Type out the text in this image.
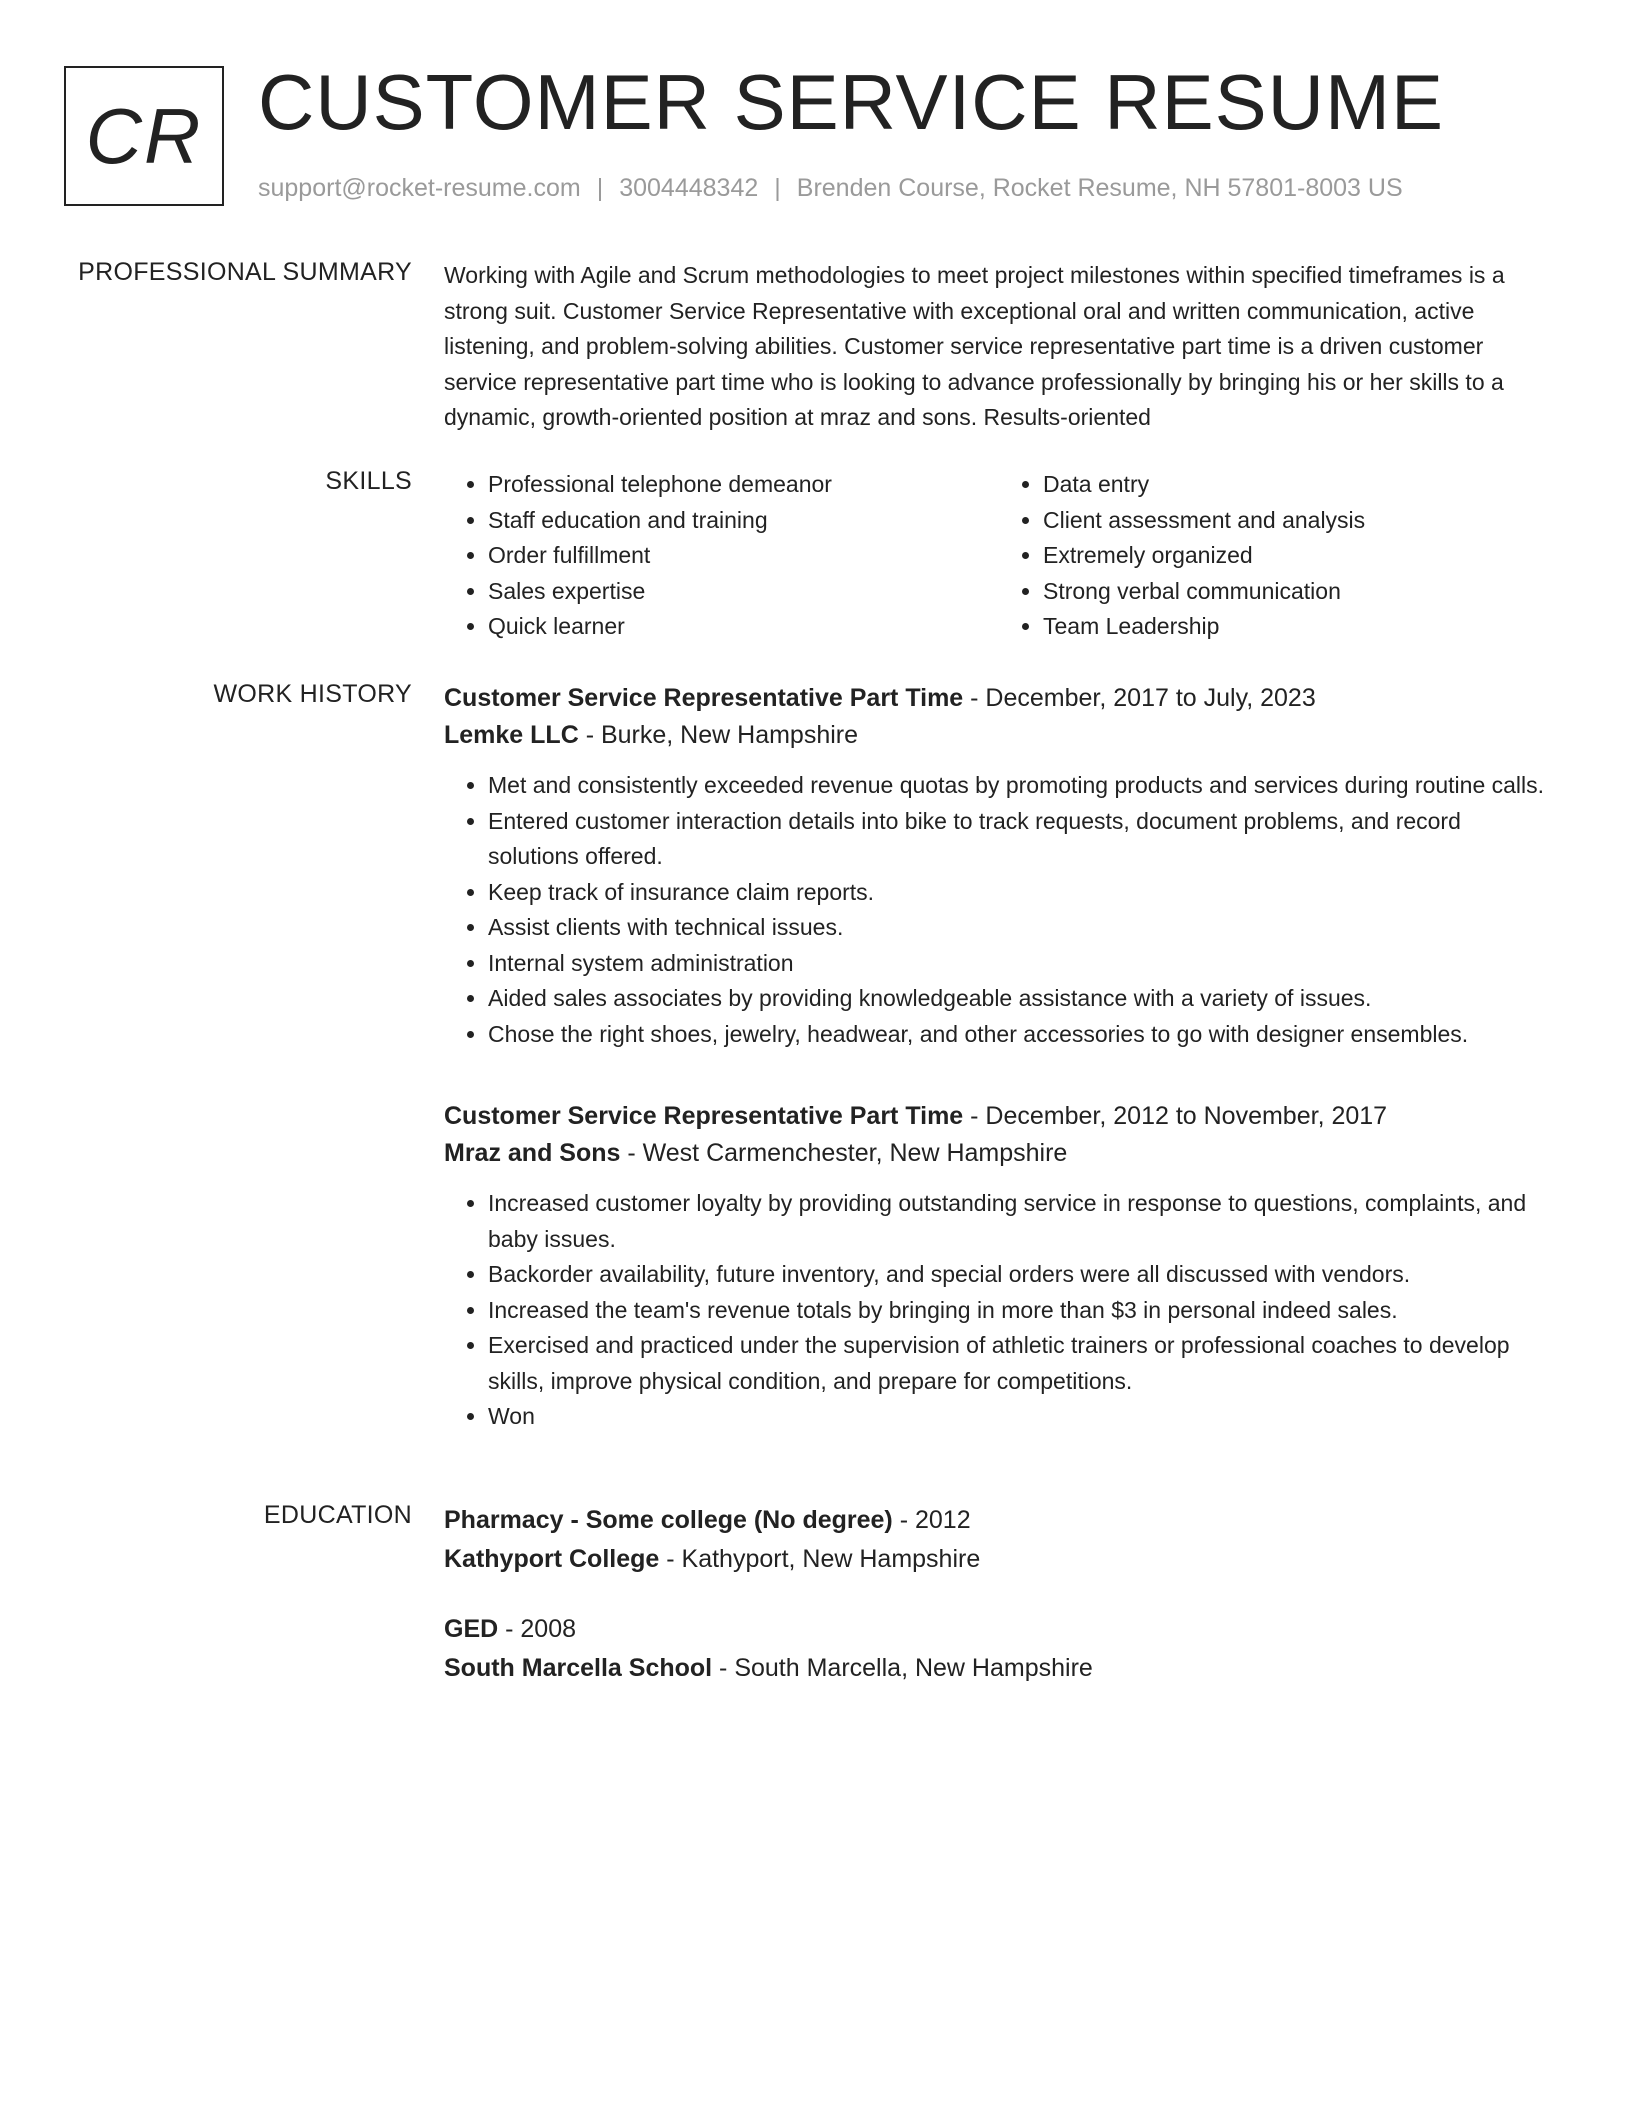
CR CUSTOMER SERVICE RESUME
support@rocket-resume.com | 3004448342 | Brenden Course, Rocket Resume, NH 57801-8003 US
PROFESSIONAL SUMMARY Working with Agile and Scrum methodologies to meet project milestones within specified timeframes is a strong suit. Customer Service Representative with exceptional oral and written communication, active listening, and problem-solving abilities. Customer service representative part time is a driven customer service representative part time who is looking to advance professionally by bringing his or her skills to a dynamic, growth-oriented position at mraz and sons. Results-oriented

SKILLS
•	Professional telephone demeanor
• Staff education and training
• Order fulfillment
• Sales expertise
• Quick learner
• Data entry
• Client assessment and analysis
• Extremely organized
• Strong verbal communication
• Team Leadership
WORK HISTORY Customer Service Representative Part Time - December, 2017 to July, 2023
Lemke LLC - Burke, New Hampshire
• Met and consistently exceeded revenue quotas by promoting products and services during routine calls.
• Entered customer interaction details into bike to track requests, document problems, and record solutions offered.
• Keep track of insurance claim reports.
• Assist clients with technical issues.
• Internal system administration
• Aided sales associates by providing knowledgeable assistance with a variety of issues.
• Chose the right shoes, jewelry, headwear, and other accessories to go with designer ensembles.
Customer Service Representative Part Time - December, 2012 to November, 2017
Mraz and Sons - West Carmenchester, New Hampshire
• Increased customer loyalty by providing outstanding service in response to questions, complaints, and baby issues.
• Backorder availability, future inventory, and special orders were all discussed with vendors.
• Increased the team's revenue totals by bringing in more than $3 in personal indeed sales.
• Exercised and practiced under the supervision of athletic trainers or professional coaches to develop skills, improve physical condition, and prepare for competitions.
• Won
EDUCATION Pharmacy - Some college (No degree) - 2012
Kathyport College - Kathyport, New Hampshire
GED - 2008
South Marcella School - South Marcella, New Hampshire
